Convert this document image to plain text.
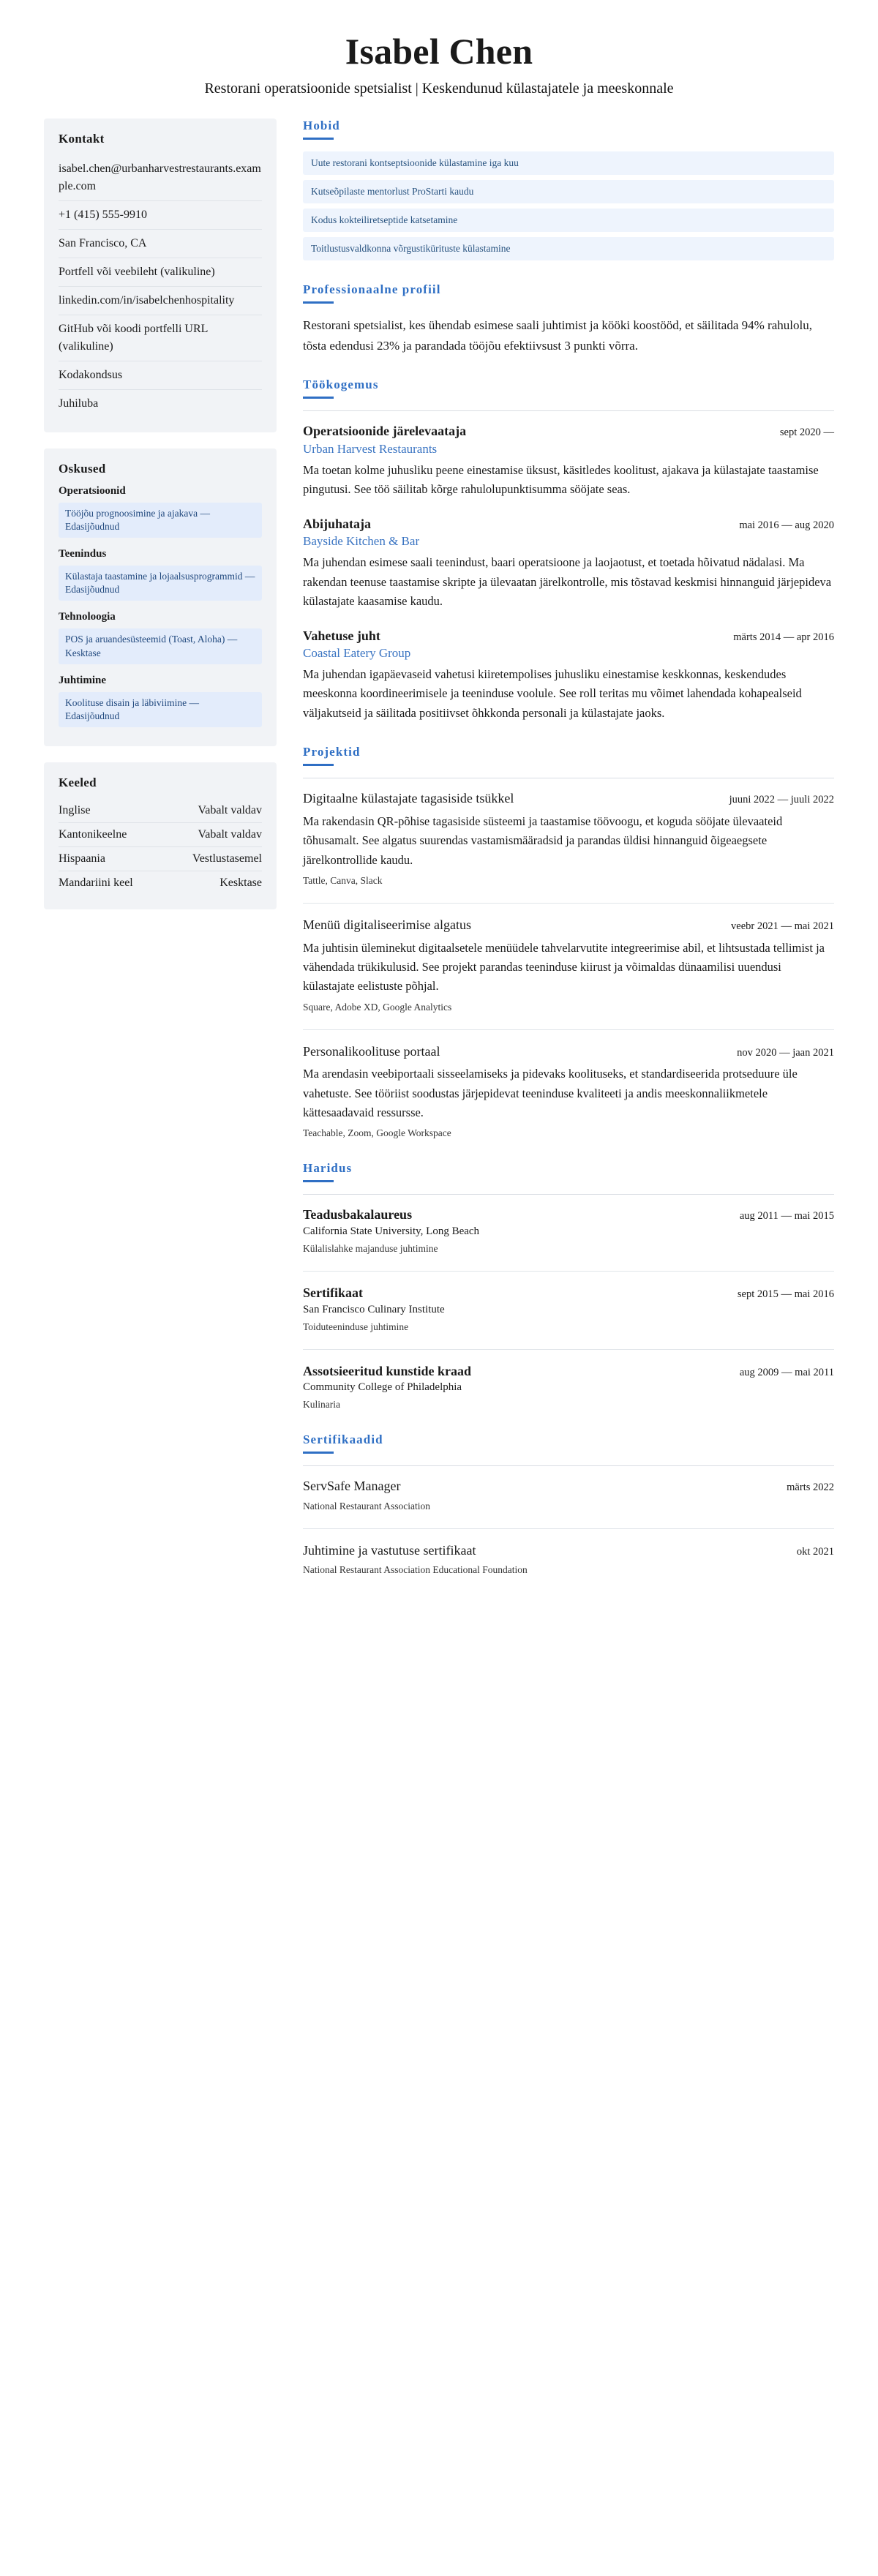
Isabel Chen
Restorani operatsioonide spetsialist | Keskendunud külastajatele ja meeskonnale
Kontakt
isabel.chen@urbanharvestrestaurants.example.com
+1 (415) 555-9910
San Francisco, CA
Portfell või veebileht (valikuline)
linkedin.com/in/isabelchenhospitality
GitHub või koodi portfelli URL (valikuline)
Kodakondsus
Juhiluba
Oskused
Operatsioonid
Tööjõu prognoosimine ja ajakava — Edasijõudnud
Teenindus
Külastaja taastamine ja lojaalsusprogrammid — Edasijõudnud
Tehnoloogia
POS ja aruandesüsteemid (Toast, Aloha) — Kesktase
Juhtimine
Koolituse disain ja läbiviimine — Edasijõudnud
Keeled
Inglise	Vabalt valdav
Kantonikeelne	Vabalt valdav
Hispaania	Vestlustasemel
Mandariini keel	Kesktase
Hobid
Uute restorani kontseptsioonide külastamine iga kuu
Kutseõpilaste mentorlust ProStarti kaudu
Kodus kokteiliretseptide katsetamine
Toitlustusvaldkonna võrgustikürituste külastamine
Professionaalne profiil
Restorani spetsialist, kes ühendab esimese saali juhtimist ja kööki koostööd, et säilitada 94% rahulolu, tõsta edendusi 23% ja parandada tööjõu efektiivsust 3 punkti võrra.
Töökogemus
Operatsioonide järelevaataja	sept 2020 —
Urban Harvest Restaurants
Ma toetan kolme juhusliku peene einestamise üksust, käsitledes koolitust, ajakava ja külastajate taastamise pingutusi. See töö säilitab kõrge rahulolupunktisumma sööjate seas.
Abijuhataja	mai 2016 — aug 2020
Bayside Kitchen & Bar
Ma juhendan esimese saali teenindust, baari operatsioone ja laojaotust, et toetada hõivatud nädalasi. Ma rakendan teenuse taastamise skripte ja ülevaatan järelkontrolle, mis tõstavad keskmisi hinnanguid järjepideva külastajate kaasamise kaudu.
Vahetuse juht	märts 2014 — apr 2016
Coastal Eatery Group
Ma juhendan igapäevaseid vahetusi kiiretempolises juhusliku einestamise keskkonnas, keskendudes meeskonna koordineerimisele ja teeninduse voolule. See roll teritas mu võimet lahendada kohapealseid väljakutseid ja säilitada positiivset õhkkonda personali ja külastajate jaoks.
Projektid
Digitaalne külastajate tagasiside tsükkel	juuni 2022 — juuli 2022
Ma rakendasin QR-põhise tagasiside süsteemi ja taastamise töövoogu, et koguda sööjate ülevaateid tõhusamalt. See algatus suurendas vastamismääradsid ja parandas üldisi hinnanguid õigeaegsete järelkontrollide kaudu.
Tattle, Canva, Slack
Menüü digitaliseerimise algatus	veebr 2021 — mai 2021
Ma juhtisin üleminekut digitaalsetele menüüdele tahvelarvutite integreerimise abil, et lihtsustada tellimist ja vähendada trükikulusid. See projekt parandas teeninduse kiirust ja võimaldas dünaamilisi uuendusi külastajate eelistuste põhjal.
Square, Adobe XD, Google Analytics
Personalikoolituse portaal	nov 2020 — jaan 2021
Ma arendasin veebiportaali sisseelamiseks ja pidevaks koolituseks, et standardiseerida protseduure üle vahetuste. See tööriist soodustas järjepidevat teeninduse kvaliteeti ja andis meeskonnaliikmetele kättesaadavaid ressursse.
Teachable, Zoom, Google Workspace
Haridus
Teadusbakalaureus	aug 2011 — mai 2015
California State University, Long Beach
Külalislahke majanduse juhtimine
Sertifikaat	sept 2015 — mai 2016
San Francisco Culinary Institute
Toiduteeninduse juhtimine
Assotsieeritud kunstide kraad	aug 2009 — mai 2011
Community College of Philadelphia
Kulinaria
Sertifikaadid
ServSafe Manager	märts 2022
National Restaurant Association
Juhtimine ja vastutuse sertifikaat	okt 2021
National Restaurant Association Educational Foundation
